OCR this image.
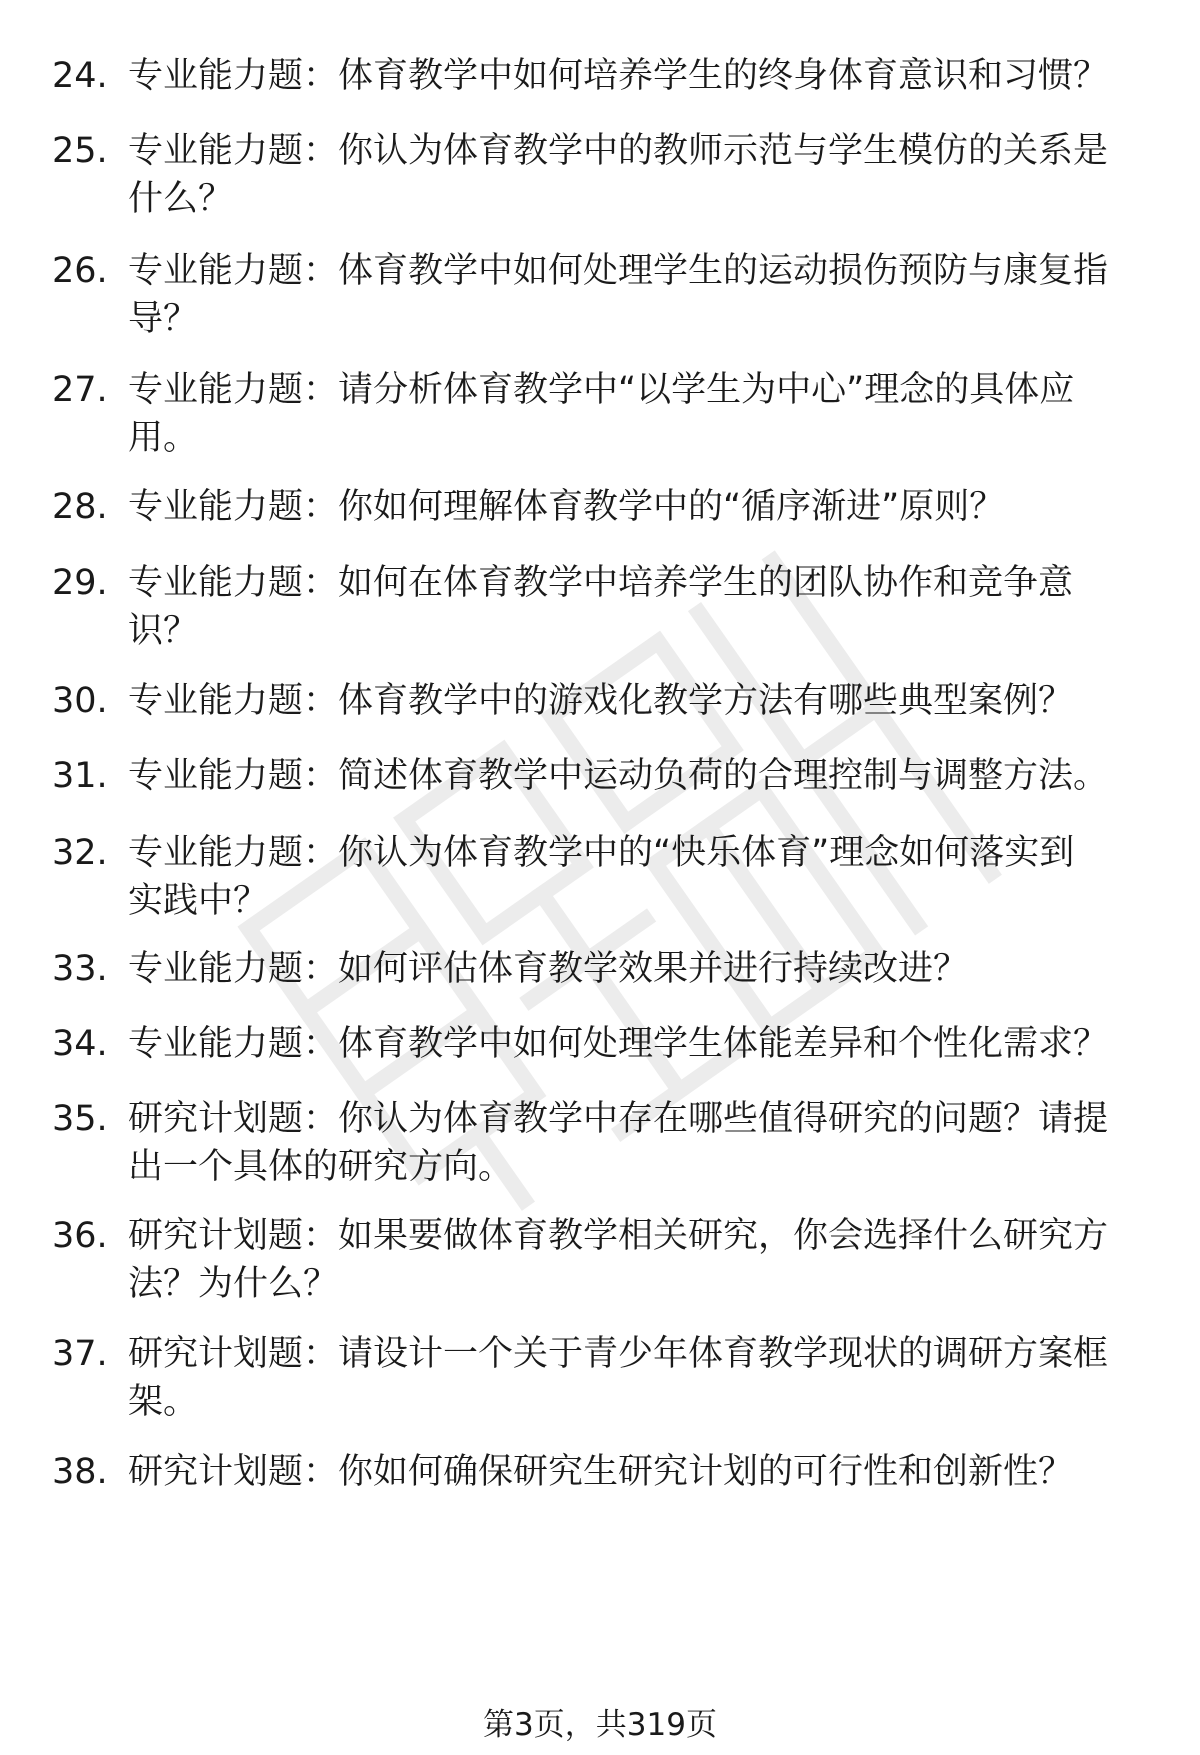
24. 专业能力题：体育教学中如何培养学生的终身体育意识和习惯？
25. 专业能力题：你认为体育教学中的教师示范与学生模仿的关系是
什么？
26. 专业能力题：体育教学中如何处理学生的运动损伤预防与康复指
导？
27. 专业能力题：请分析体育教学中“以学生为中心”理念的具体应
用。
28. 专业能力题：你如何理解体育教学中的“循序渐进”原则？
29. 专业能力题：如何在体育教学中培养学生的团队协作和竞争意
识？
30. 专业能力题：体育教学中的游戏化教学方法有哪些典型案例？
31. 专业能力题：简述体育教学中运动负荷的合理控制与调整方法。
32. 专业能力题：你认为体育教学中的“快乐体育”理念如何落实到
实践中？
33. 专业能力题：如何评估体育教学效果并进行持续改进？
34. 专业能力题：体育教学中如何处理学生体能差异和个性化需求？
35. 研究计划题：你认为体育教学中存在哪些值得研究的问题？请提
出一个具体的研究方向。
36. 研究计划题：如果要做体育教学相关研究，你会选择什么研究方
法？为什么？
37. 研究计划题：请设计一个关于青少年体育教学现状的调研方案框
架。
38. 研究计划题：你如何确保研究生研究计划的可行性和创新性？
第3页，共319页
